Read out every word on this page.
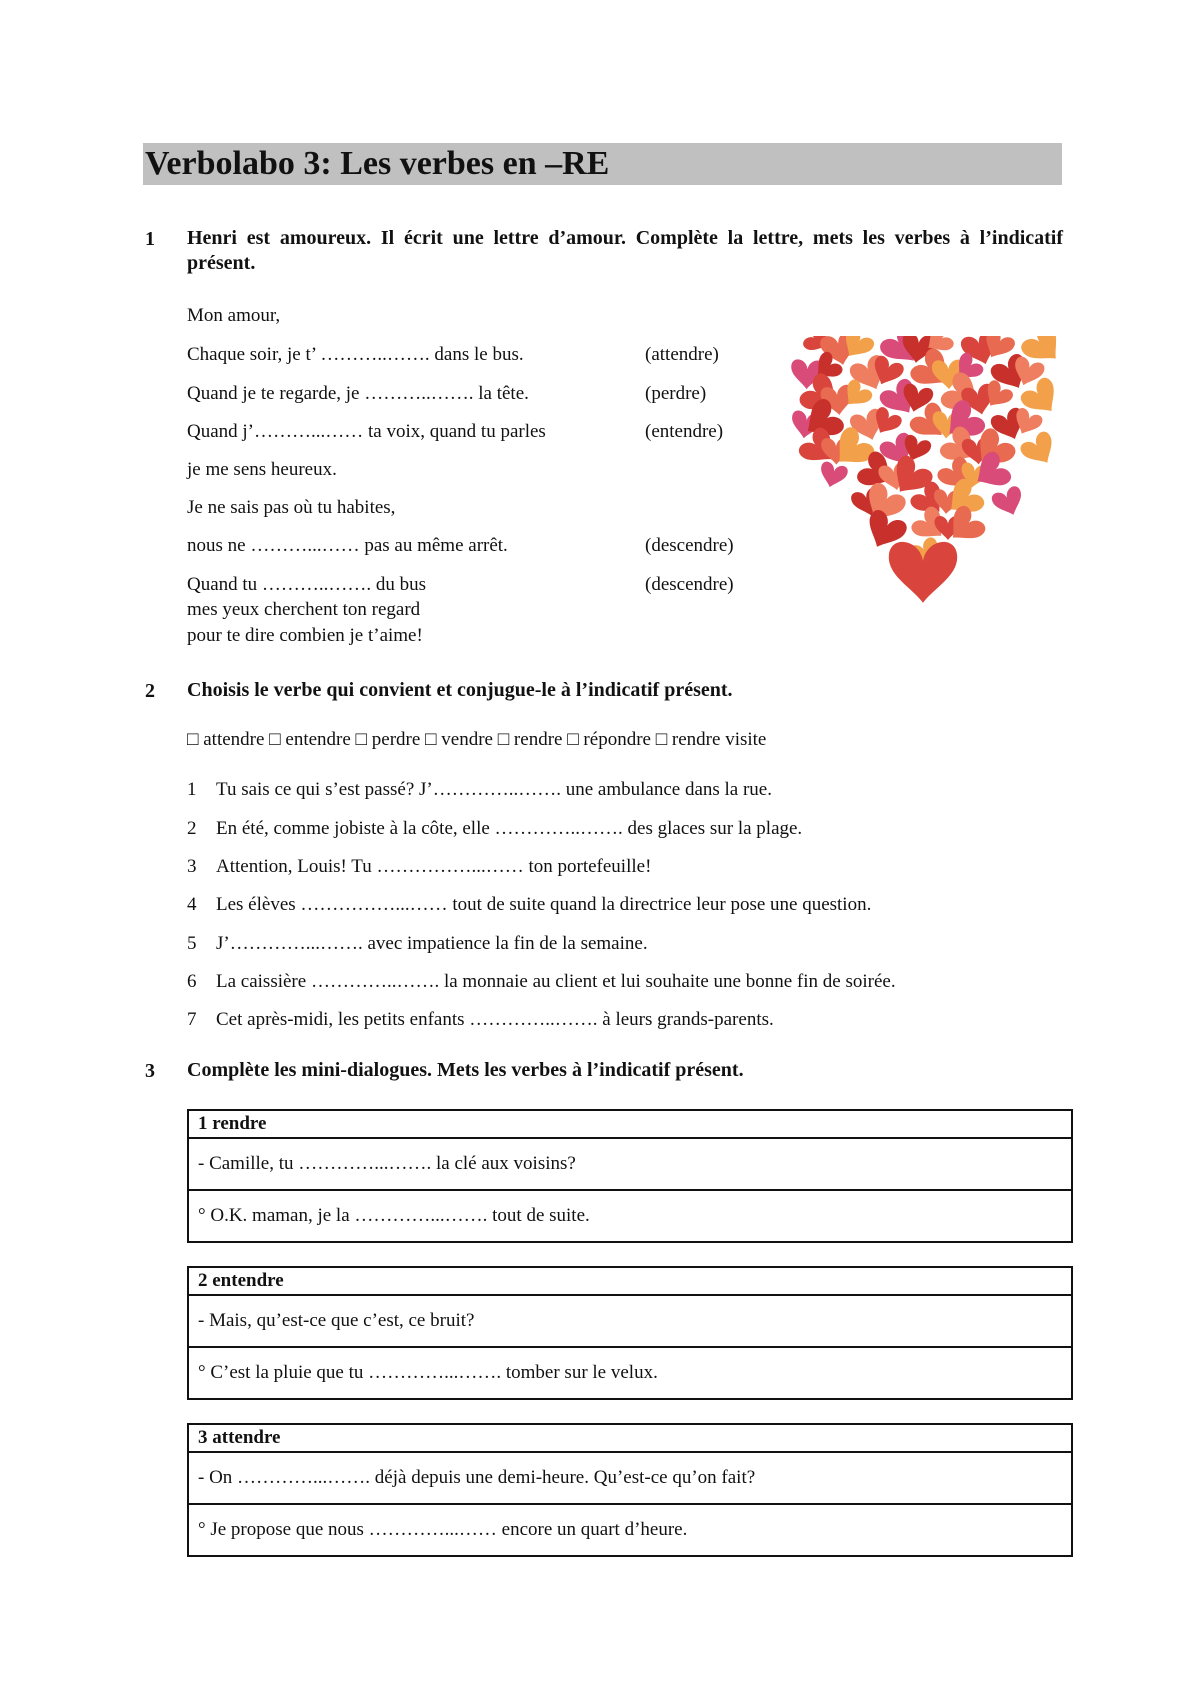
Verbolabo 3: Les verbes en –RE
1 Henri est amoureux. Il écrit une lettre d’amour. Complète la lettre, mets les verbes à l’indicatif présent.
Mon amour,
Chaque soir, je t’ ………..……. dans le bus.
Quand je te regarde, je ………..……. la tête.
Quand j’………...…… ta voix, quand tu parles
je me sens heureux.
Je ne sais pas où tu habites,
nous ne ………...…… pas au même arrêt.
Quand tu ………..……. du bus
mes yeux cherchent ton regard
pour te dire combien je t’aime!
(attendre)
(perdre)
(entendre)
(descendre)
(descendre)
2 Choisis le verbe qui convient et conjugue-le à l’indicatif présent.
□ attendre □ entendre □ perdre □ vendre □ rendre □ répondre □ rendre visite
1 Tu sais ce qui s’est passé? J’…………..……. une ambulance dans la rue.
2 En été, comme jobiste à la côte, elle …………..……. des glaces sur la plage.
3 Attention, Louis! Tu ……………...…… ton portefeuille!
4 Les élèves ……………...…… tout de suite quand la directrice leur pose une question.
5 J’…………...……. avec impatience la fin de la semaine.
6 La caissière …………..……. la monnaie au client et lui souhaite une bonne fin de soirée.
7 Cet après-midi, les petits enfants …………..……. à leurs grands-parents.
3 Complète les mini-dialogues. Mets les verbes à l’indicatif présent.
1 rendre
- Camille, tu …………...……. la clé aux voisins?
° O.K. maman, je la …………...……. tout de suite.
2 entendre
- Mais, qu’est-ce que c’est, ce bruit?
° C’est la pluie que tu …………...……. tomber sur le velux.
3 attendre
- On …………...……. déjà depuis une demi-heure. Qu’est-ce qu’on fait?
° Je propose que nous …………...…… encore un quart d’heure.
